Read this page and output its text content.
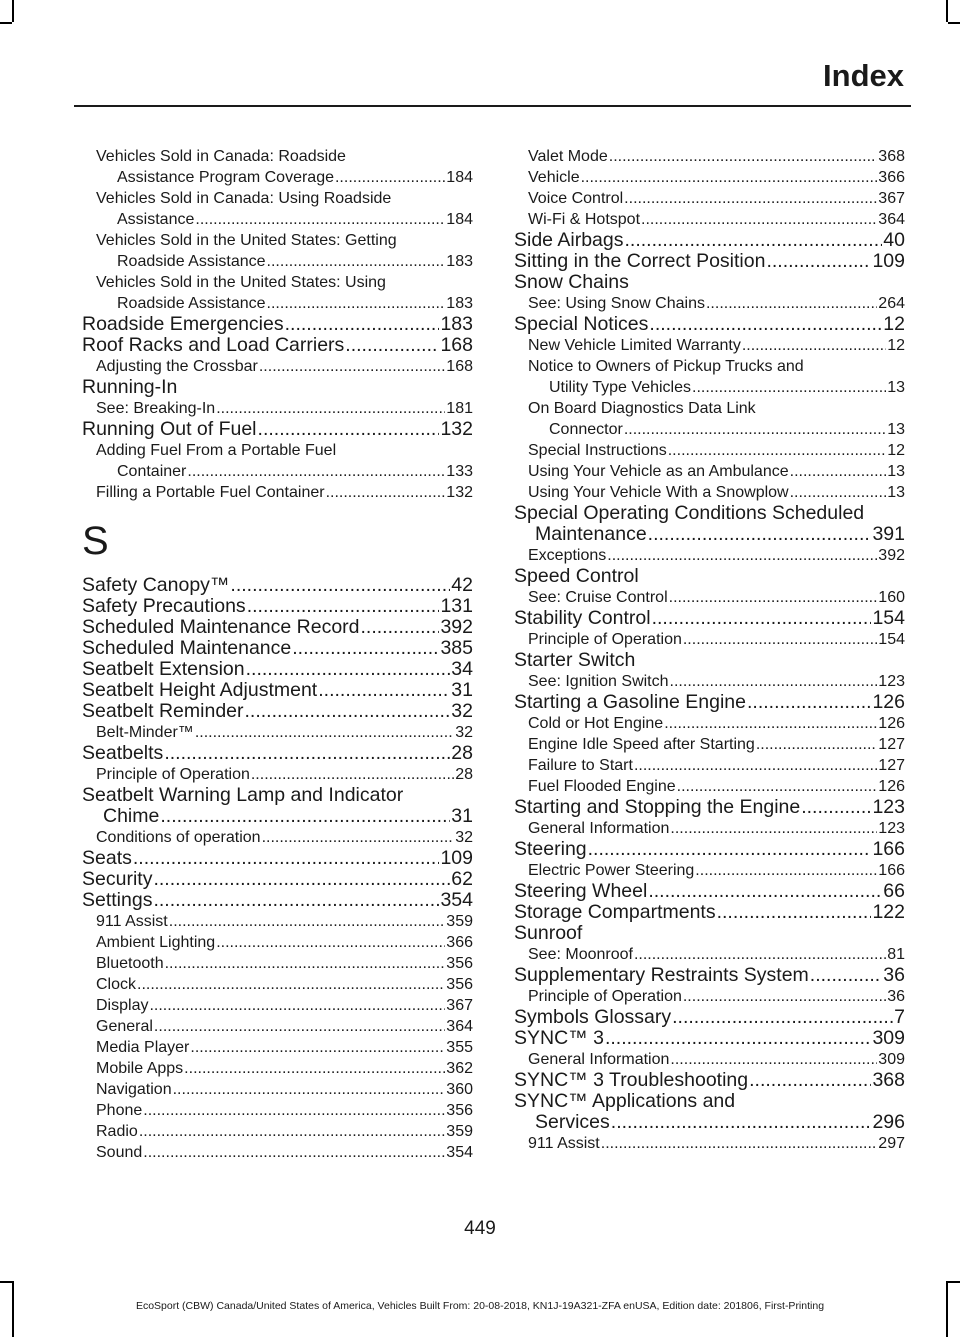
Index
Vehicles Sold in Canada: Roadside
Assistance Program Coverage .....	184
Vehicles Sold in Canada: Using Roadside
Assistance .....	184
Vehicles Sold in the United States: Getting
Roadside Assistance .....	183
Vehicles Sold in the United States: Using
Roadside Assistance .....	183
Roadside Emergencies .....	183
Roof Racks and Load Carriers .....	168
Adjusting the Crossbar .....	168
Running-In
See: Breaking-In .....	181
Running Out of Fuel .....	132
Adding Fuel From a Portable Fuel
Container .....	133
Filling a Portable Fuel Container .....	132
S
Safety Canopy™ .....	42
Safety Precautions .....	131
Scheduled Maintenance Record .....	392
Scheduled Maintenance .....	385
Seatbelt Extension .....	34
Seatbelt Height Adjustment .....	31
Seatbelt Reminder .....	32
Belt-Minder™ .....	32
Seatbelts .....	28
Principle of Operation .....	28
Seatbelt Warning Lamp and Indicator
Chime .....	31
Conditions of operation .....	32
Seats .....	109
Security .....	62
Settings .....	354
911 Assist .....	359
Ambient Lighting .....	366
Bluetooth .....	356
Clock .....	356
Display .....	367
General .....	364
Media Player .....	355
Mobile Apps .....	362
Navigation .....	360
Phone .....	356
Radio .....	359
Sound .....	354
Valet Mode .....	368
Vehicle .....	366
Voice Control .....	367
Wi-Fi & Hotspot .....	364
Side Airbags .....	40
Sitting in the Correct Position .....	109
Snow Chains
See: Using Snow Chains .....	264
Special Notices .....	12
New Vehicle Limited Warranty .....	12
Notice to Owners of Pickup Trucks and
Utility Type Vehicles .....	13
On Board Diagnostics Data Link
Connector .....	13
Special Instructions .....	12
Using Your Vehicle as an Ambulance .....	13
Using Your Vehicle With a Snowplow .....	13
Special Operating Conditions Scheduled
Maintenance .....	391
Exceptions .....	392
Speed Control
See: Cruise Control .....	160
Stability Control .....	154
Principle of Operation .....	154
Starter Switch
See: Ignition Switch .....	123
Starting a Gasoline Engine .....	126
Cold or Hot Engine .....	126
Engine Idle Speed after Starting .....	127
Failure to Start .....	127
Fuel Flooded Engine .....	126
Starting and Stopping the Engine .....	123
General Information .....	123
Steering .....	166
Electric Power Steering .....	166
Steering Wheel .....	66
Storage Compartments .....	122
Sunroof
See: Moonroof .....	81
Supplementary Restraints System .....	36
Principle of Operation .....	36
Symbols Glossary .....	7
SYNC™ 3 .....	309
General Information .....	309
SYNC™ 3 Troubleshooting .....	368
SYNC™ Applications and
Services .....	296
911 Assist .....	297
449
EcoSport (CBW) Canada/United States of America, Vehicles Built From: 20-08-2018, KN1J-19A321-ZFA enUSA, Edition date: 201806, First-Printing
